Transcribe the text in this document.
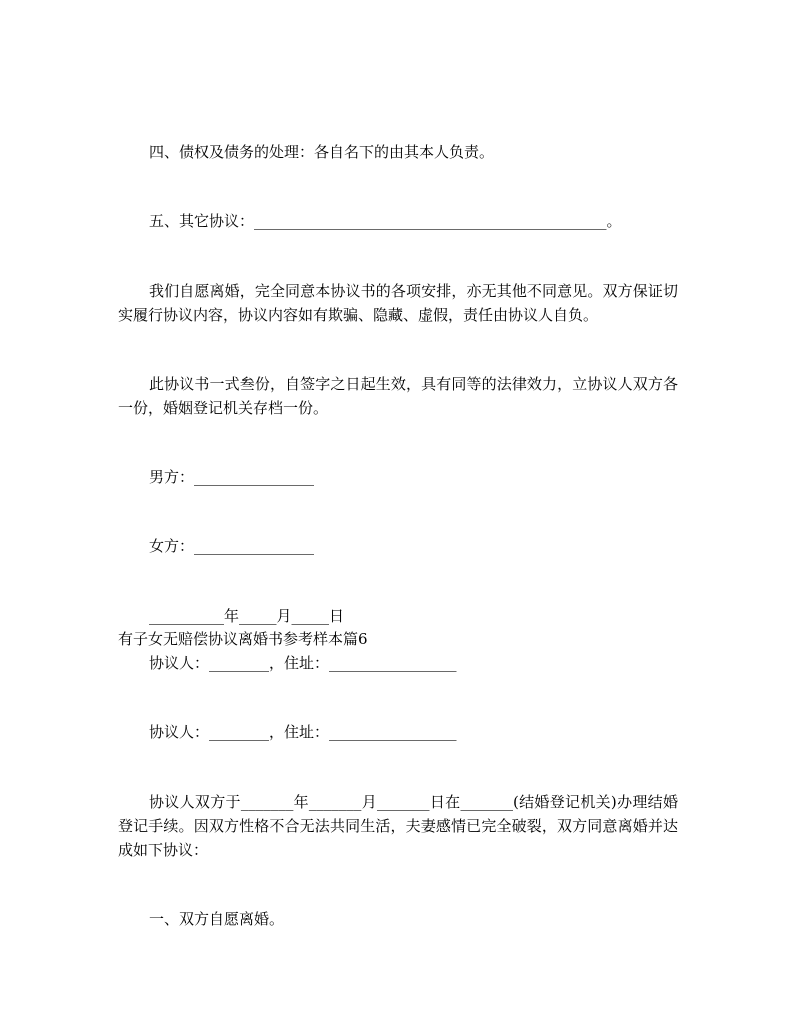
四、债权及债务的处理：各自名下的由其本人负责。
五、其它协议：_______________________________________________。
我们自愿离婚，完全同意本协议书的各项安排，亦无其他不同意见。双方保证切实履行协议内容，协议内容如有欺骗、隐藏、虚假，责任由协议人自负。
此协议书一式叁份，自签字之日起生效，具有同等的法律效力，立协议人双方各一份，婚姻登记机关存档一份。
男方：________________
女方：________________
__________年_____月_____日
有子女无赔偿协议离婚书参考样本篇6
协议人：________，住址：_________________
协议人：________，住址：_________________
协议人双方于_______年_______月_______日在_______(结婚登记机关)办理结婚登记手续。因双方性格不合无法共同生活，夫妻感情已完全破裂，双方同意离婚并达成如下协议：
一、双方自愿离婚。
